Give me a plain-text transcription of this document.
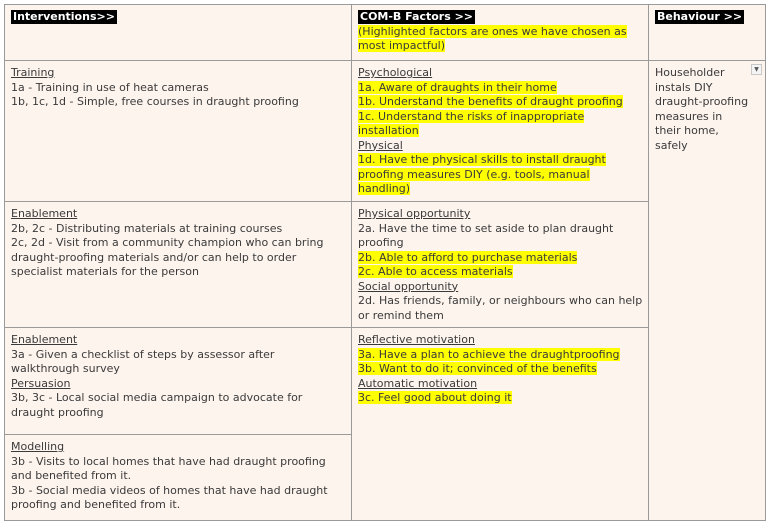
Interventions>>	COM-B Factors >>
(Highlighted factors are ones we have chosen as most impactful)
Behaviour >>
Training
1a - Training in use of heat cameras
1b, 1c, 1d - Simple, free courses in draught proofing
Enablement
2b, 2c - Distributing materials at training courses
2c, 2d - Visit from a community champion who can bring draught-proofing materials and/or can help to order specialist materials for the person
Enablement
3a - Given a checklist of steps by assessor after walkthrough survey
Persuasion
3b, 3c - Local social media campaign to advocate for draught proofing
Modelling
3b - Visits to local homes that have had draught proofing and benefited from it.
3b - Social media videos of homes that have had draught proofing and benefited from it.
Psychological
1a. Aware of draughts in their home
1b. Understand the benefits of draught proofing
1c. Understand the risks of inappropriate installation
Physical
1d. Have the physical skills to install draught proofing measures DIY (e.g. tools, manual handling)
Physical opportunity
2a. Have the time to set aside to plan draught proofing
2b. Able to afford to purchase materials
2c. Able to access materials
Social opportunity
2d. Has friends, family, or neighbours who can help or remind them
Reflective motivation
3a. Have a plan to achieve the draughtproofing
3b. Want to do it; convinced of the benefits
Automatic motivation
3c. Feel good about doing it
Householder instals DIY draught-proofing measures in their home, safely
▼
